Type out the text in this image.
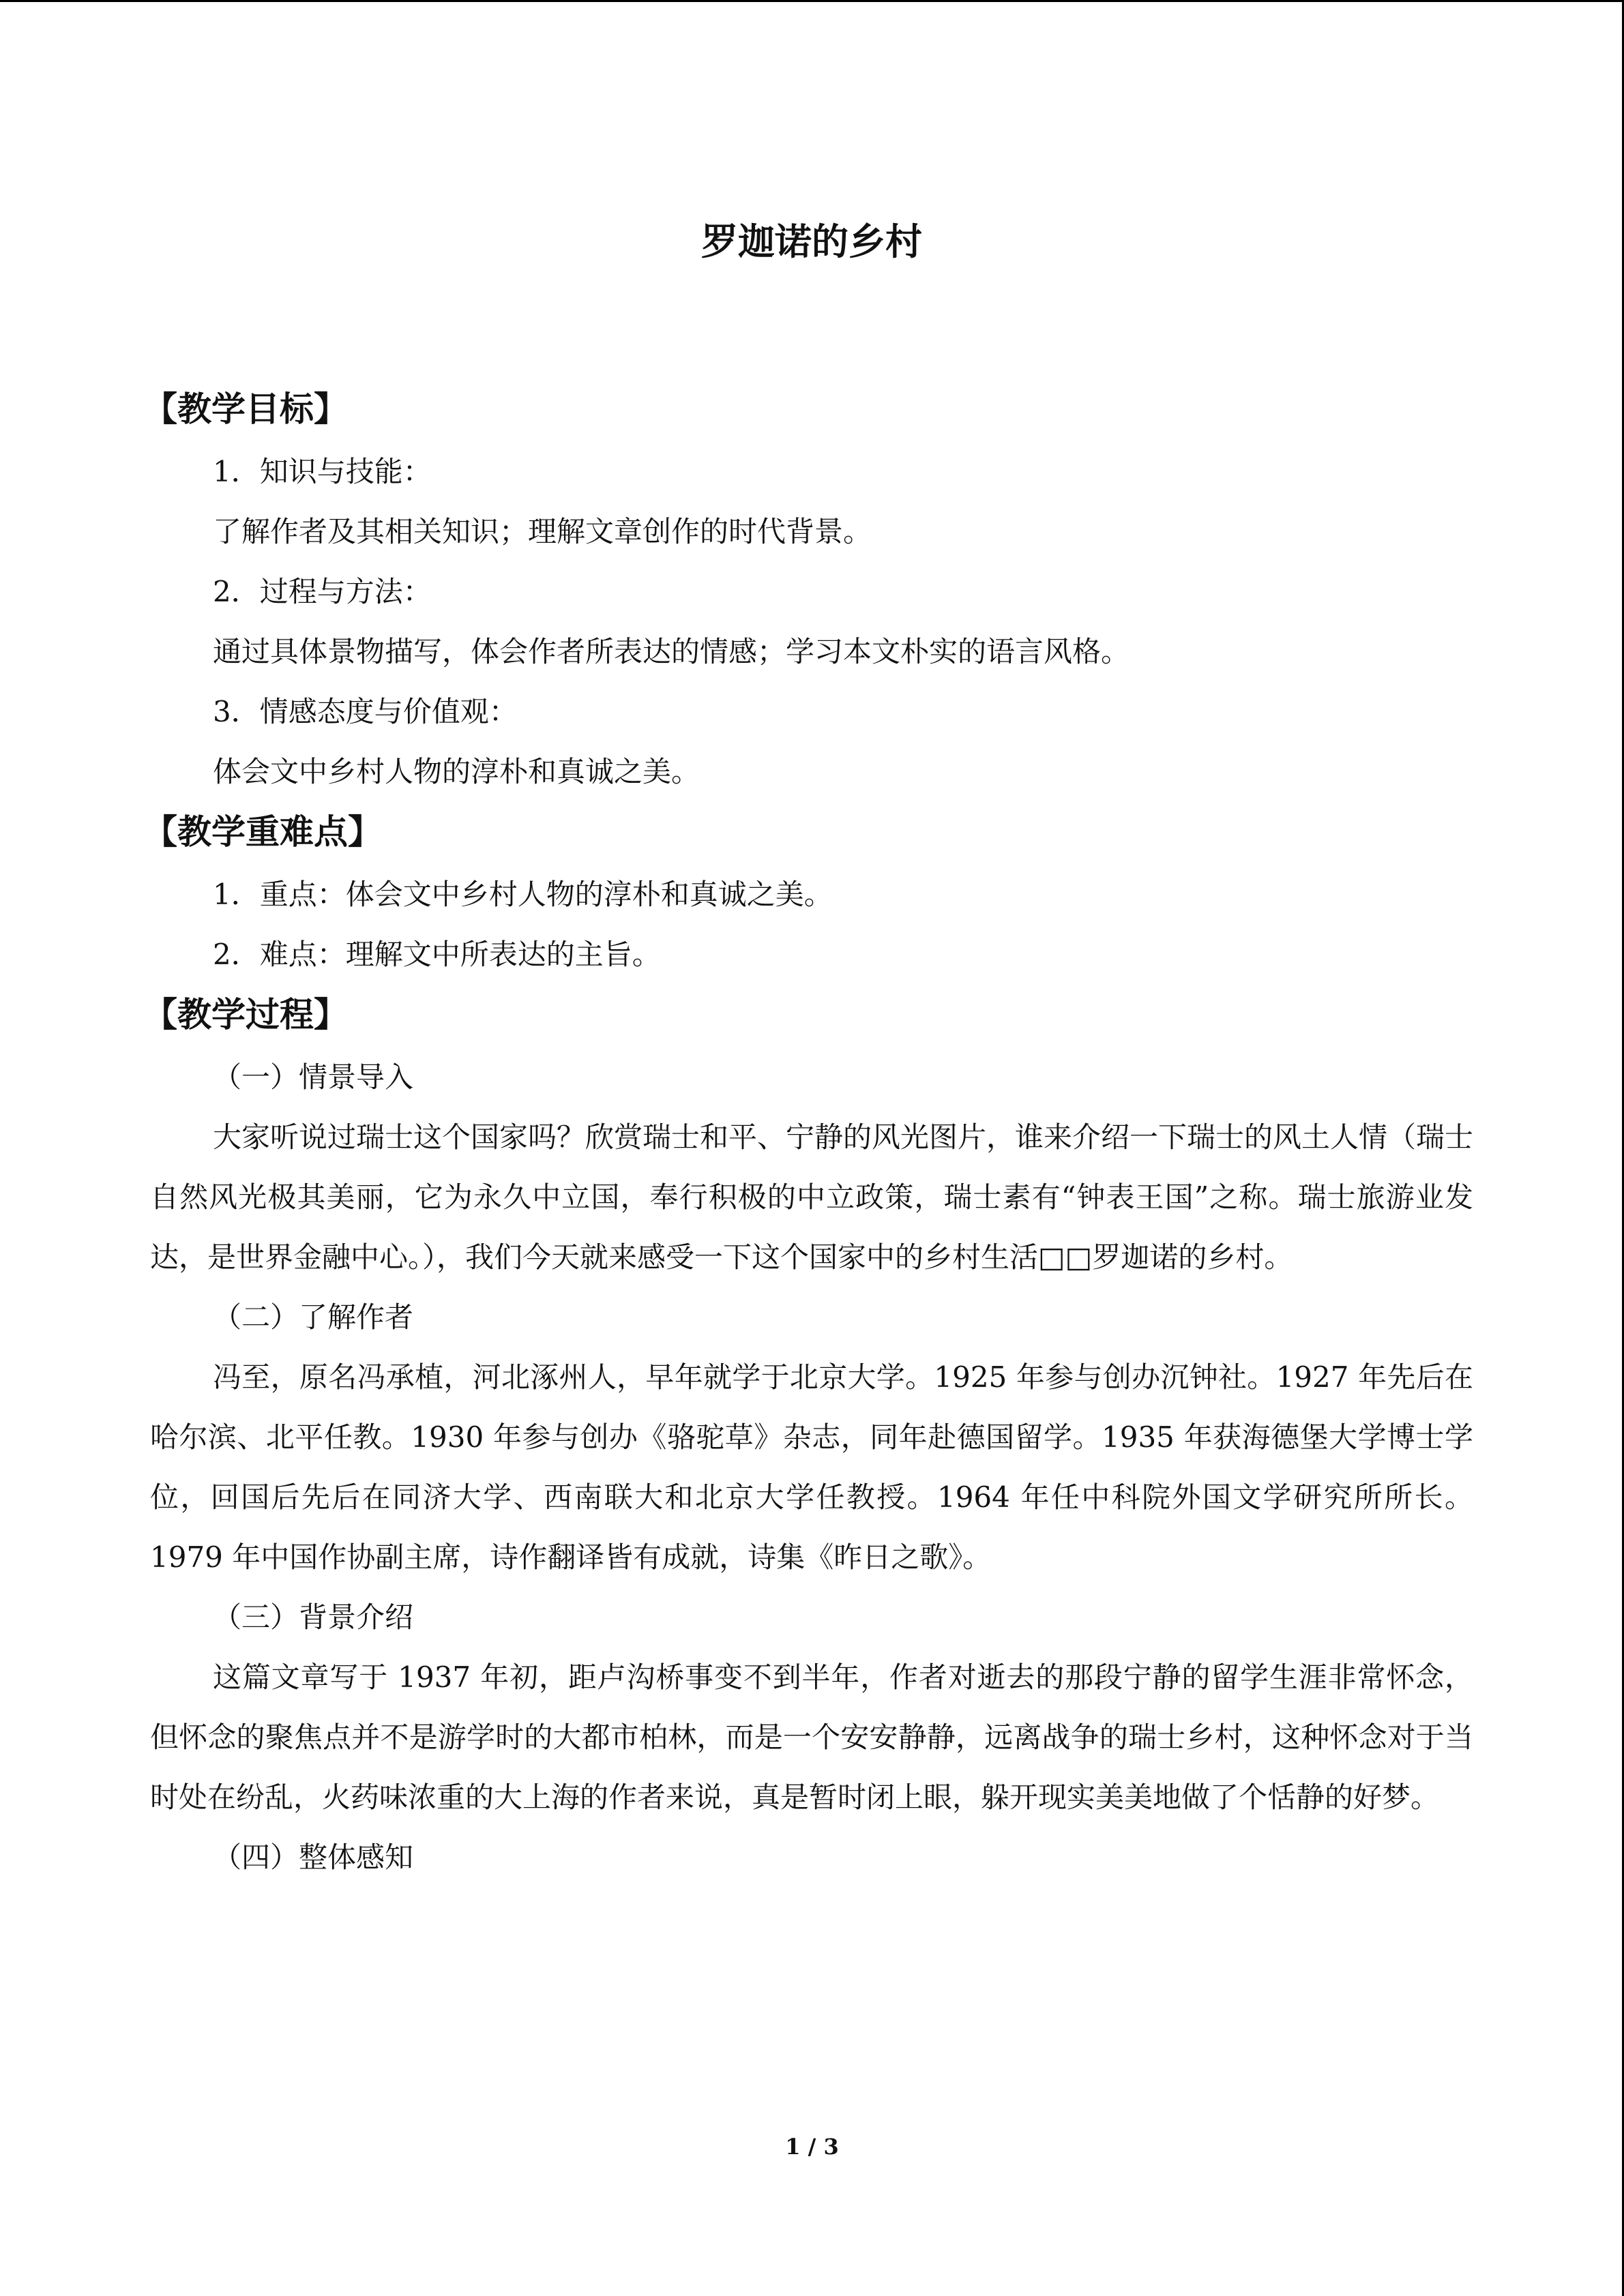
罗迦诺的乡村
【教学目标】

1．知识与技能：

了解作者及其相关知识；理解文章创作的时代背景。

2．过程与方法：

通过具体景物描写，体会作者所表达的情感；学习本文朴实的语言风格。

3．情感态度与价值观：

体会文中乡村人物的淳朴和真诚之美。

【教学重难点】

1．重点：体会文中乡村人物的淳朴和真诚之美。

2．难点：理解文中所表达的主旨。

【教学过程】

（一）情景导入

大家听说过瑞士这个国家吗？欣赏瑞士和平、宁静的风光图片，谁来介绍一下瑞士的风土人情（瑞士自然风光极其美丽，它为永久中立国，奉行积极的中立政策，瑞士素有“钟表王国”之称。瑞士旅游业发达，是世界金融中心。），我们今天就来感受一下这个国家中的乡村生活□□罗迦诺的乡村。

（二）了解作者

冯至，原名冯承植，河北涿州人，早年就学于北京大学。1925 年参与创办沉钟社。1927 年先后在哈尔滨、北平任教。1930 年参与创办《骆驼草》杂志，同年赴德国留学。1935 年获海德堡大学博士学位，回国后先后在同济大学、西南联大和北京大学任教授。1964 年任中科院外国文学研究所所长。1979 年中国作协副主席，诗作翻译皆有成就，诗集《昨日之歌》。

（三）背景介绍

这篇文章写于 1937 年初，距卢沟桥事变不到半年，作者对逝去的那段宁静的留学生涯非常怀念，但怀念的聚焦点并不是游学时的大都市柏林，而是一个安安静静，远离战争的瑞士乡村，这种怀念对于当时处在纷乱，火药味浓重的大上海的作者来说，真是暂时闭上眼，躲开现实美美地做了个恬静的好梦。

（四）整体感知

1 / 3
